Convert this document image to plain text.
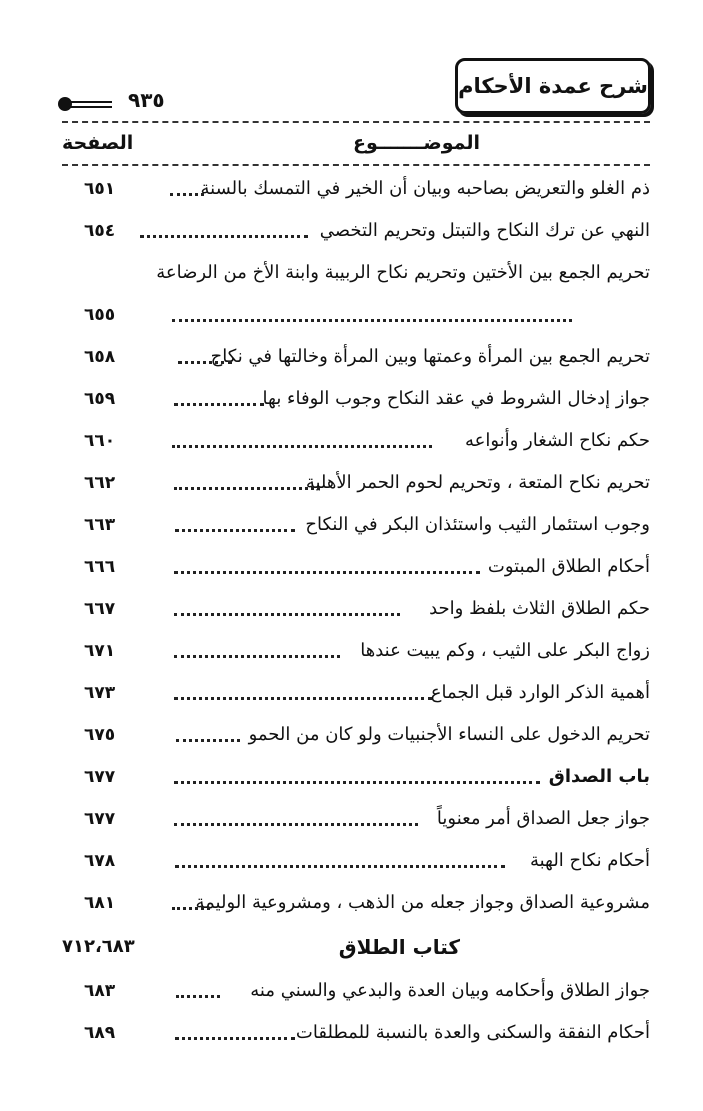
شرح عمدة الأحكام
٩٣٥
الموضـــــــوع
الصفحة
ذم الغلو والتعريض بصاحبه وبيان أن الخير في التمسك بالسنة
٦٥١
النهي عن ترك النكاح والتبتل وتحريم التخصي
٦٥٤
تحريم الجمع بين الأختين وتحريم نكاح الربيبة وابنة الأخ من الرضاعة
٦٥٥
تحريم الجمع بين المرأة وعمتها وبين المرأة وخالتها في نكاح
٦٥٨
جواز إدخال الشروط في عقد النكاح وجوب الوفاء بها
٦٥٩
حكم نكاح الشغار وأنواعه
٦٦٠
تحريم نكاح المتعة ، وتحريم لحوم الحمر الأهلية
٦٦٢
وجوب استئمار الثيب واستئذان البكر في النكاح
٦٦٣
أحكام الطلاق المبتوت
٦٦٦
حكم الطلاق الثلاث بلفظ واحد
٦٦٧
زواج البكر على الثيب ، وكم يبيت عندها
٦٧١
أهمية الذكر الوارد قبل الجماع
٦٧٣
تحريم الدخول على النساء الأجنبيات ولو كان من الحمو
٦٧٥
باب الصداق
٦٧٧
جواز جعل الصداق أمر معنوياً
٦٧٧
أحكام نكاح الهبة
٦٧٨
مشروعية الصداق وجواز جعله من الذهب ، ومشروعية الوليمة
٦٨١
كتاب الطلاق
٧١٢،٦٨٣
جواز الطلاق وأحكامه وبيان العدة والبدعي والسني منه
٦٨٣
أحكام النفقة والسكنى والعدة بالنسبة للمطلقات
٦٨٩
